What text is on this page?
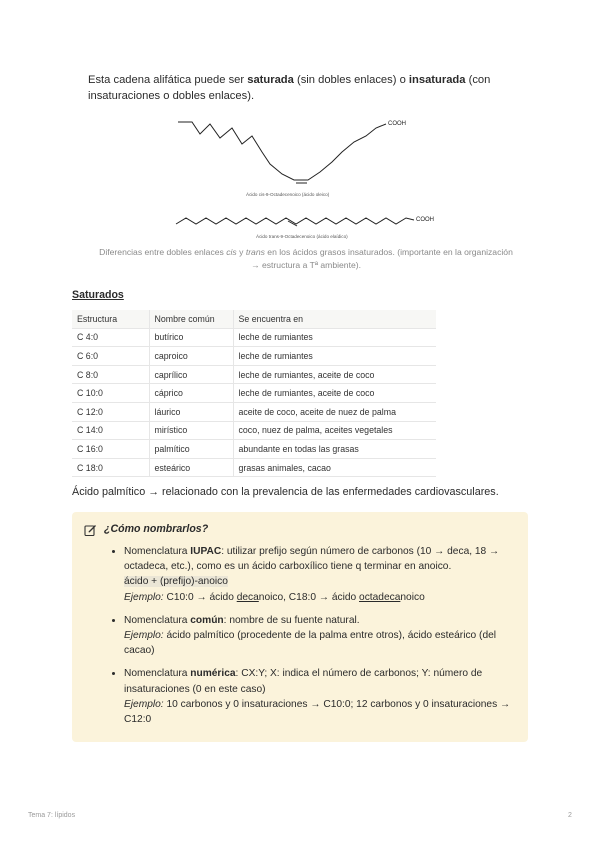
Esta cadena alifática puede ser saturada (sin dobles enlaces) o insaturada (con insaturaciones o dobles enlaces).
COOH
Ácido cis-9-Octadecenoico (ácido oleico)
COOH
Ácido trans-9-Octadecenoico (ácido elaídico)
Diferencias entre dobles enlaces cis y trans en los ácidos grasos insaturados. (importante en la organización → estructura a Tª ambiente).
Saturados
Estructura	Nombre común	Se encuentra en
C 4:0	butírico	leche de rumiantes
C 6:0	caproico	leche de rumiantes
C 8:0	caprílico	leche de rumiantes, aceite de coco
C 10:0	cáprico	leche de rumiantes, aceite de coco
C 12:0	láurico	aceite de coco, aceite de nuez de palma
C 14:0	mirístico	coco, nuez de palma, aceites vegetales
C 16:0	palmítico	abundante en todas las grasas
C 18:0	esteárico	grasas animales, cacao
Ácido palmítico → relacionado con la prevalencia de las enfermedades cardiovasculares.
¿Cómo nombrarlos?
• Nomenclatura IUPAC: utilizar prefijo según número de carbonos (10 → deca, 18 → octadeca, etc.), como es un ácido carboxílico tiene q terminar en anoico.
ácido + (prefijo)-anoico
Ejemplo: C10:0 → ácido decanoico, C18:0 → ácido octadecanoico
• Nomenclatura común: nombre de su fuente natural.
Ejemplo: ácido palmítico (procedente de la palma entre otros), ácido esteárico (del cacao)
• Nomenclatura numérica: CX:Y; X: indica el número de carbonos; Y: número de insaturaciones (0 en este caso)
Ejemplo: 10 carbonos y 0 insaturaciones → C10:0; 12 carbonos y 0 insaturaciones → C12:0
Tema 7: lípidos	2
